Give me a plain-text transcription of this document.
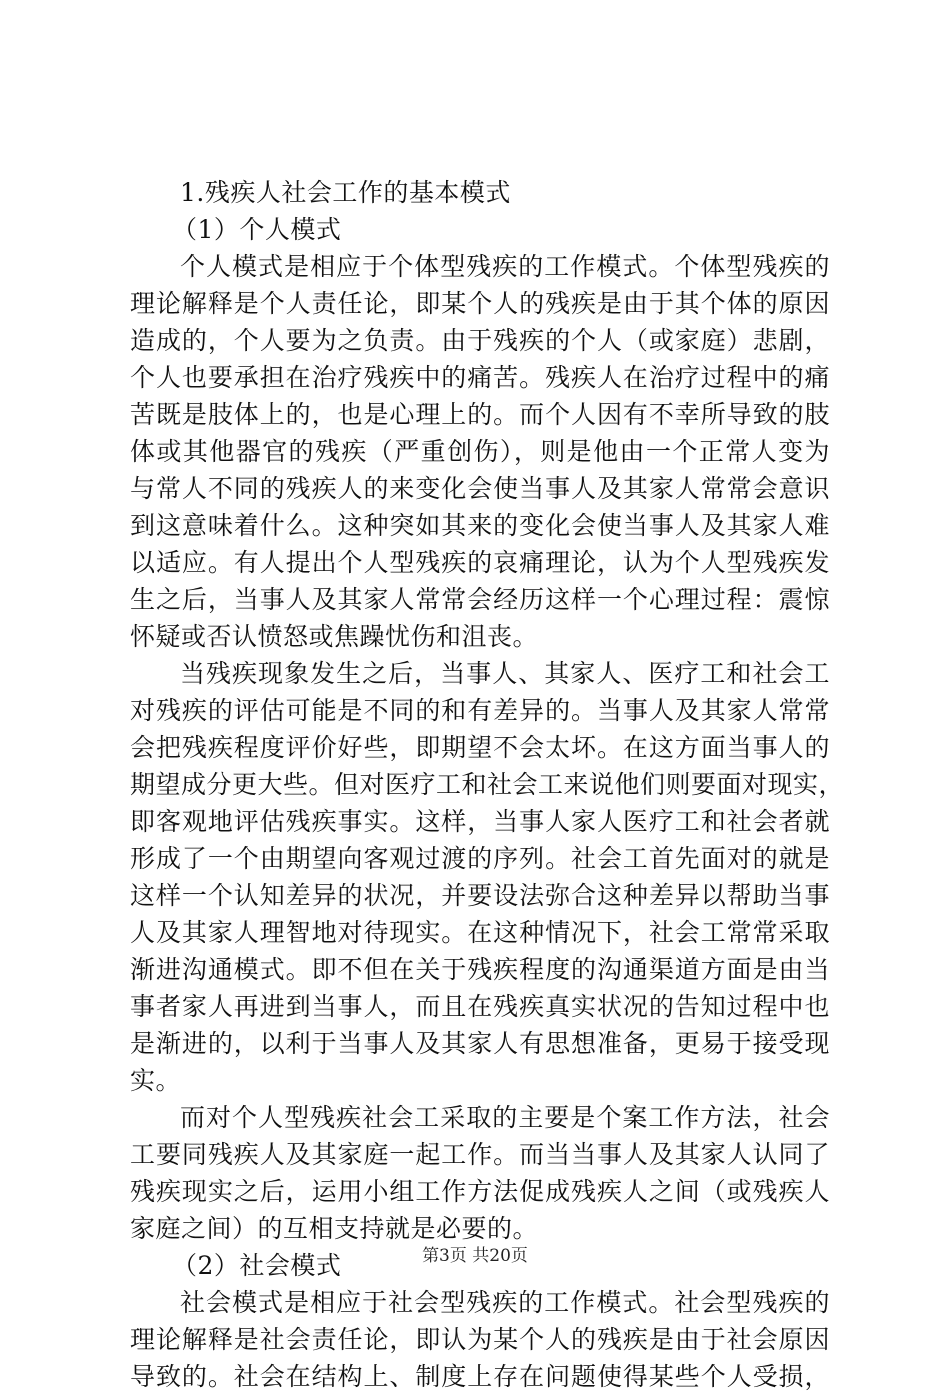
1.残疾人社会工作的基本模式
（1）个人模式
个人模式是相应于个体型残疾的工作模式。个体型残疾的
理论解释是个人责任论，即某个人的残疾是由于其个体的原因
造成的，个人要为之负责。由于残疾的个人（或家庭）悲剧，
个人也要承担在治疗残疾中的痛苦。残疾人在治疗过程中的痛
苦既是肢体上的，也是心理上的。而个人因有不幸所导致的肢
体或其他器官的残疾（严重创伤），则是他由一个正常人变为
与常人不同的残疾人的来变化会使当事人及其家人常常会意识
到这意味着什么。这种突如其来的变化会使当事人及其家人难
以适应。有人提出个人型残疾的哀痛理论，认为个人型残疾发
生之后，当事人及其家人常常会经历这样一个心理过程：震惊
怀疑或否认愤怒或焦躁忧伤和沮丧。
当残疾现象发生之后，当事人、其家人、医疗工和社会工
对残疾的评估可能是不同的和有差异的。当事人及其家人常常
会把残疾程度评价好些，即期望不会太坏。在这方面当事人的
期望成分更大些。但对医疗工和社会工来说他们则要面对现实，
即客观地评估残疾事实。这样，当事人家人医疗工和社会者就
形成了一个由期望向客观过渡的序列。社会工首先面对的就是
这样一个认知差异的状况，并要设法弥合这种差异以帮助当事
人及其家人理智地对待现实。在这种情况下，社会工常常采取
渐进沟通模式。即不但在关于残疾程度的沟通渠道方面是由当
事者家人再进到当事人，而且在残疾真实状况的告知过程中也
是渐进的，以利于当事人及其家人有思想准备，更易于接受现
实。
而对个人型残疾社会工采取的主要是个案工作方法，社会
工要同残疾人及其家庭一起工作。而当当事人及其家人认同了
残疾现实之后，运用小组工作方法促成残疾人之间（或残疾人
家庭之间）的互相支持就是必要的。
（2）社会模式
社会模式是相应于社会型残疾的工作模式。社会型残疾的
理论解释是社会责任论，即认为某个人的残疾是由于社会原因
导致的。社会在结构上、制度上存在问题使得某些个人受损，
第3页 共20页
